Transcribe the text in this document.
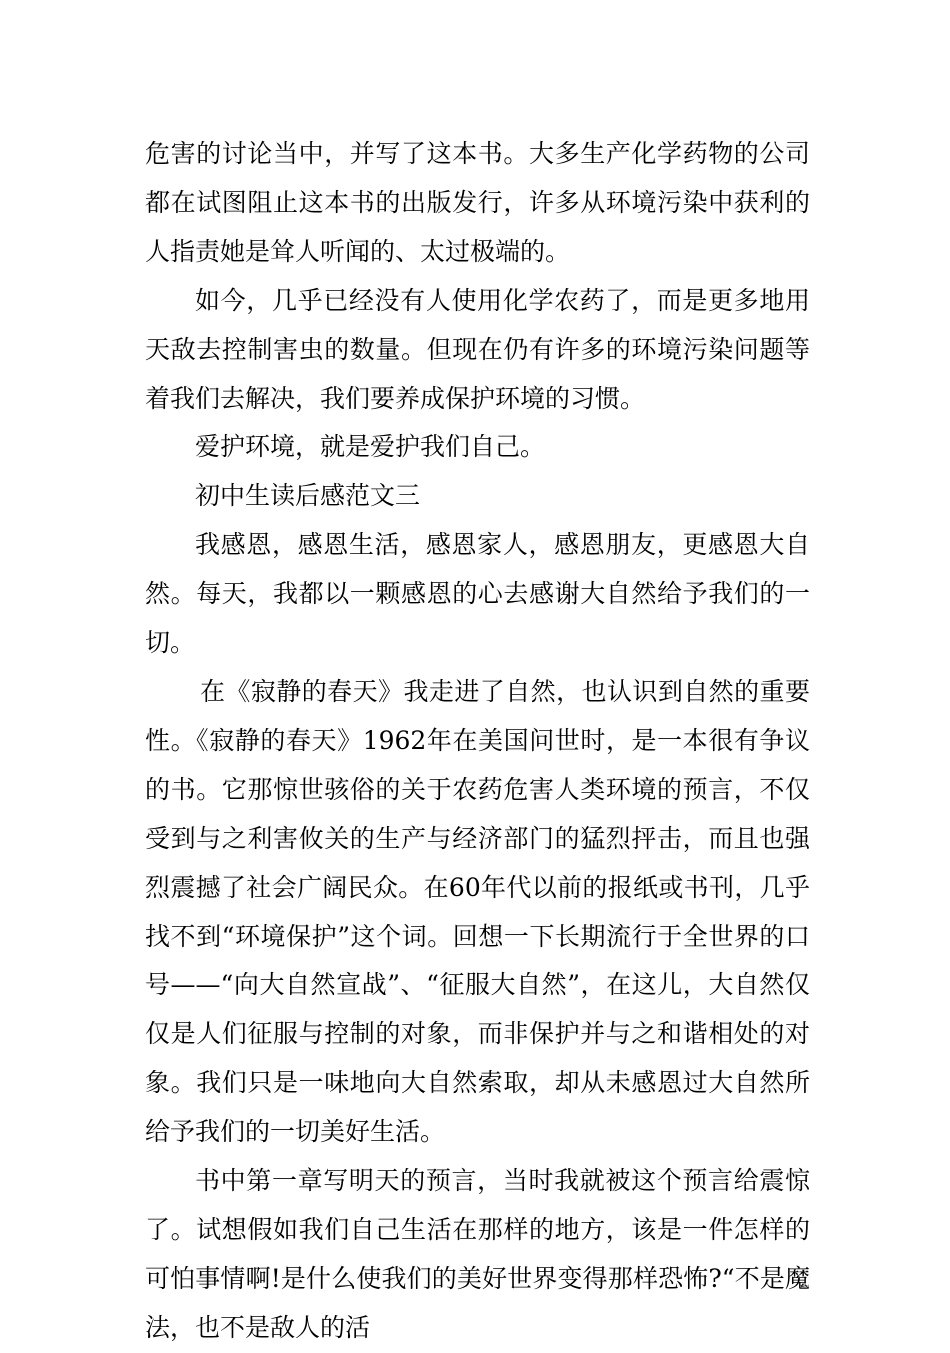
危害的讨论当中，并写了这本书。大多生产化学药物的公司都在试图阻止这本书的出版发行，许多从环境污染中获利的人指责她是耸人听闻的、太过极端的。

如今，几乎已经没有人使用化学农药了，而是更多地用天敌去控制害虫的数量。但现在仍有许多的环境污染问题等着我们去解决，我们要养成保护环境的习惯。

爱护环境，就是爱护我们自己。

初中生读后感范文三

我感恩，感恩生活，感恩家人，感恩朋友，更感恩大自然。每天，我都以一颗感恩的心去感谢大自然给予我们的一切。

在《寂静的春天》我走进了自然，也认识到自然的重要性。《寂静的春天》1962年在美国问世时，是一本很有争议的书。它那惊世骇俗的关于农药危害人类环境的预言，不仅受到与之利害攸关的生产与经济部门的猛烈抨击，而且也强烈震撼了社会广阔民众。在60年代以前的报纸或书刊，几乎找不到“环境保护”这个词。回想一下长期流行于全世界的口号——“向大自然宣战”、“征服大自然”，在这儿，大自然仅仅是人们征服与控制的对象，而非保护并与之和谐相处的对象。我们只是一味地向大自然索取，却从未感恩过大自然所给予我们的一切美好生活。

书中第一章写明天的预言，当时我就被这个预言给震惊了。试想假如我们自己生活在那样的地方，该是一件怎样的可怕事情啊!是什么使我们的美好世界变得那样恐怖?“不是魔法，也不是敌人的活
